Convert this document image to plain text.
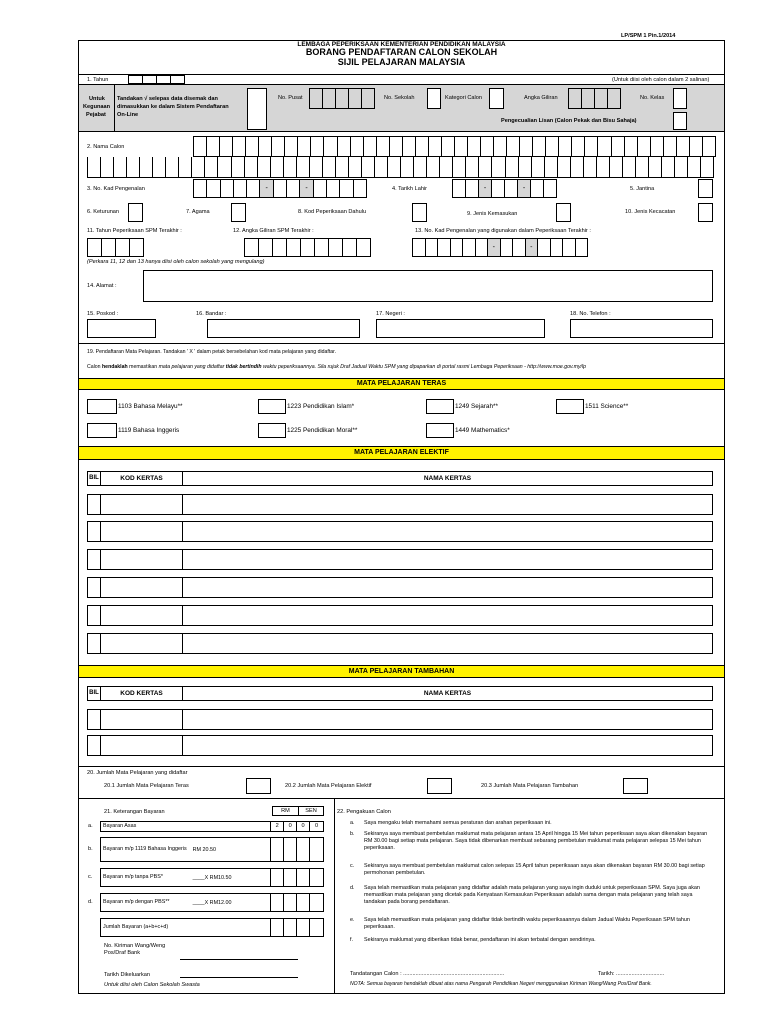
LP/SPM 1 Pin.1/2014
LEMBAGA PEPERIKSAAN KEMENTERIAN PENDIDIKAN MALAYSIA
BORANG PENDAFTARAN CALON SEKOLAH
SIJIL PELAJARAN MALAYSIA
1. Tahun	(Untuk diisi oleh calon dalam 2 salinan)
Untuk
Kegunaan
Pejabat
Tandakan √ selepas data disemak dan
dimasukkan ke dalam Sistem Pendaftaran
On-Line
No. Pusat	No. Sekolah	Kategori Calon	Angka Giliran	No. Kelas
Pengecualian Lisan (Calon Pekak dan Bisu Sahaja)
2. Nama Calon
3. No. Kad Pengenalan	-	-	4. Tarikh Lahir	-	-	5. Jantina
6. Keturunan	7. Agama	8. Kod Peperiksaan Dahulu	9. Jenis Kemasukan	10. Jenis Kecacatan
11. Tahun Peperiksaan SPM Terakhir :	12. Angka Giliran SPM Terakhir :	13. No. Kad Pengenalan yang digunakan dalam Peperiksaan Terakhir :
-	-
(Perkara 11, 12 dan 13 hanya diisi oleh calon sekolah yang mengulang)
14. Alamat :
15. Poskod :	16. Bandar :	17. Negeri :	18. No. Telefon :
19. Pendaftaran Mata Pelajaran. Tandakan ' X ' dalam petak bersebelahan kod mata pelajaran yang didaftar.
Calon hendaklah memastikan mata pelajaran yang didaftar tidak bertindih waktu peperiksaannya. Sila rujuk Draf Jadual Waktu SPM yang dipaparkan di portal rasmi Lembaga Peperiksaan - http://www.moe.gov.my/lp
MATA PELAJARAN TERAS
1103 Bahasa Melayu**	1223 Pendidikan Islam*	1249 Sejarah**	1511 Science**
1119 Bahasa Inggeris	1225 Pendidikan Moral**	1449 Mathematics*
MATA PELAJARAN ELEKTIF
BIL	KOD KERTAS	NAMA KERTAS
MATA PELAJARAN TAMBAHAN
BIL	KOD KERTAS	NAMA KERTAS
20. Jumlah Mata Pelajaran yang didaftar
20.1 Jumlah Mata Pelajaran Teras	20.2 Jumlah Mata Pelajaran Elektif	20.3 Jumlah Mata Pelajaran Tambahan
21. Keterangan Bayaran	RM	SEN
a.	Bayaran Asas	2	0	0	0
b.	Bayaran m/p 1119 Bahasa Inggeris	RM 20.50
c.	Bayaran m/p tanpa PBS*	____X RM10.50
d.	Bayaran m/p dengan PBS**	____X RM12.00
Jumlah Bayaran (a+b+c+d)
No. Kiriman Wang/Weng Pos/Draf Bank
Tarikh Dikeluarkan
Untuk diisi oleh Calon Sekolah Swasta
22. Pengakuan Calon
a. Saya mengaku telah memahami semua peraturan dan arahan peperiksaan ini.
b. Sekiranya saya membuat pembetulan maklumat mata pelajaran antara 15 April hingga 15 Mei tahun peperiksaan saya akan dikenakan bayaran RM 30.00 bagi setiap mata pelajaran. Saya tidak dibenarkan membuat sebarang pembetulan maklumat mata pelajaran selepas 15 Mei tahun peperiksaan.
c. Sekiranya saya membuat pembetulan maklumat calon selepas 15 April tahun peperiksaan saya akan dikenakan bayaran RM 30.00 bagi setiap permohonan pembetulan.
d. Saya telah memastikan mata pelajaran yang didaftar adalah mata pelajaran yang saya ingin duduki untuk peperiksaan SPM. Saya juga akan memastikan mata pelajaran yang dicetak pada Kenyataan Kemasukan Peperiksaan adalah sama dengan mata pelajaran yang telah saya tandakan pada borang pendaftaran.
e. Saya telah memastikan mata pelajaran yang didaftar tidak bertindih waktu peperiksaannya dalam Jadual Waktu Peperiksaan SPM tahun peperiksaan.
f. Sekiranya maklumat yang diberikan tidak benar, pendaftaran ini akan terbatal dengan sendirinya.
Tandatangan Calon : .................................................................	Tarikh: ...............................
NOTA: Semua bayaran hendaklah dibuat atas nama Pengarah Pendidikan Negeri menggunakan Kiriman Wang/Wang Pos/Draf Bank.
